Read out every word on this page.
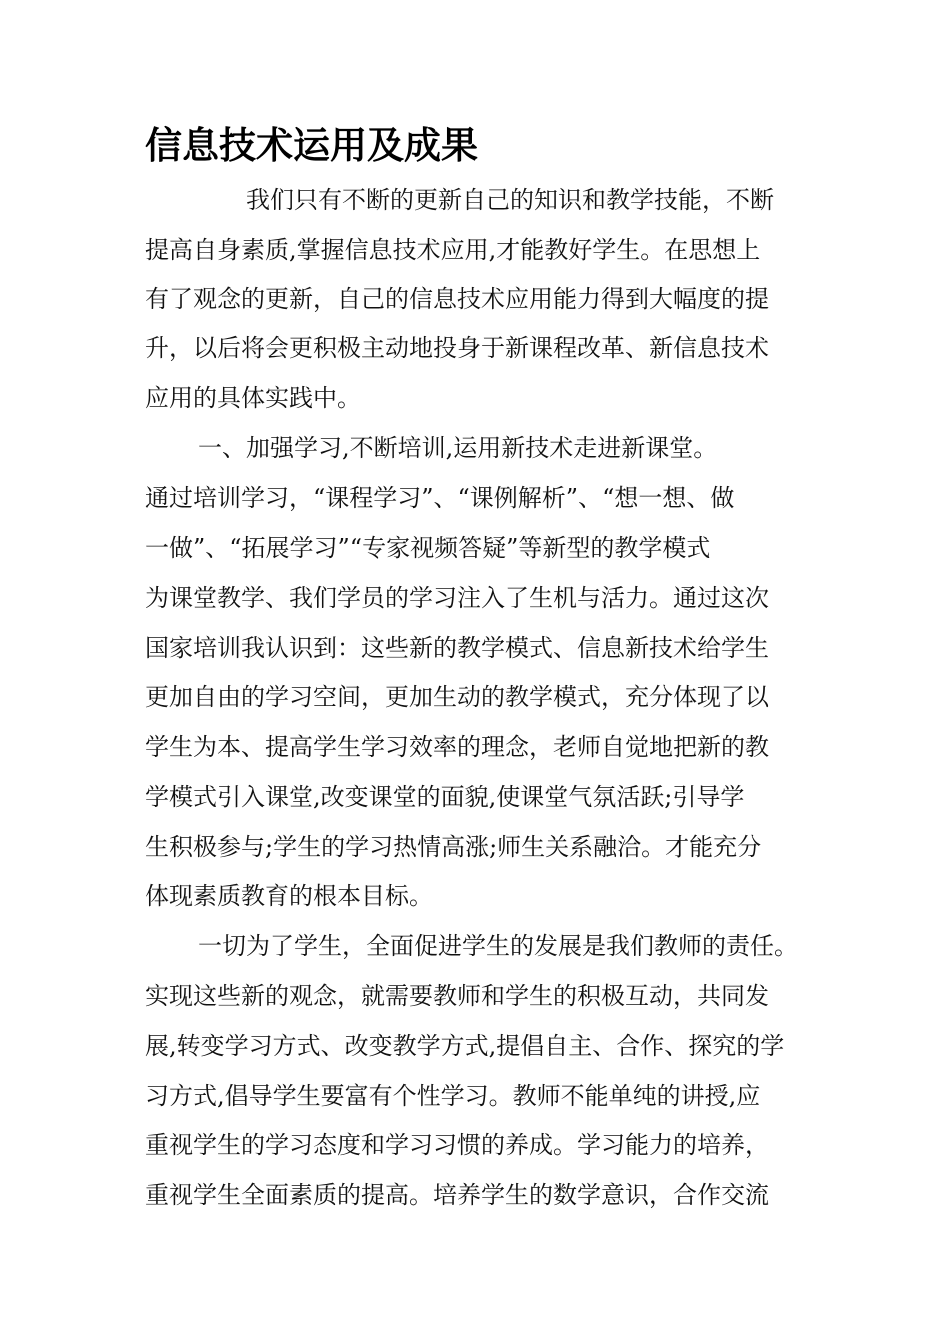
信息技术运用及成果
我们只有不断的更新自己的知识和教学技能，不断
提高自身素质,掌握信息技术应用,才能教好学生。在思想上
有了观念的更新，自己的信息技术应用能力得到大幅度的提
升，以后将会更积极主动地投身于新课程改革、新信息技术
应用的具体实践中。
一、加强学习,不断培训,运用新技术走进新课堂。
通过培训学习，“课程学习”、“课例解析”、“想一想、做
一做”、“拓展学习”“专家视频答疑”等新型的教学模式
为课堂教学、我们学员的学习注入了生机与活力。通过这次
国家培训我认识到：这些新的教学模式、信息新技术给学生
更加自由的学习空间，更加生动的教学模式，充分体现了以
学生为本、提高学生学习效率的理念，老师自觉地把新的教
学模式引入课堂,改变课堂的面貌,使课堂气氛活跃;引导学
生积极参与;学生的学习热情高涨;师生关系融洽。才能充分
体现素质教育的根本目标。
一切为了学生，全面促进学生的发展是我们教师的责任。
实现这些新的观念，就需要教师和学生的积极互动，共同发
展,转变学习方式、改变教学方式,提倡自主、合作、探究的学
习方式,倡导学生要富有个性学习。教师不能单纯的讲授,应
重视学生的学习态度和学习习惯的养成。学习能力的培养，
重视学生全面素质的提高。培养学生的数学意识，合作交流
